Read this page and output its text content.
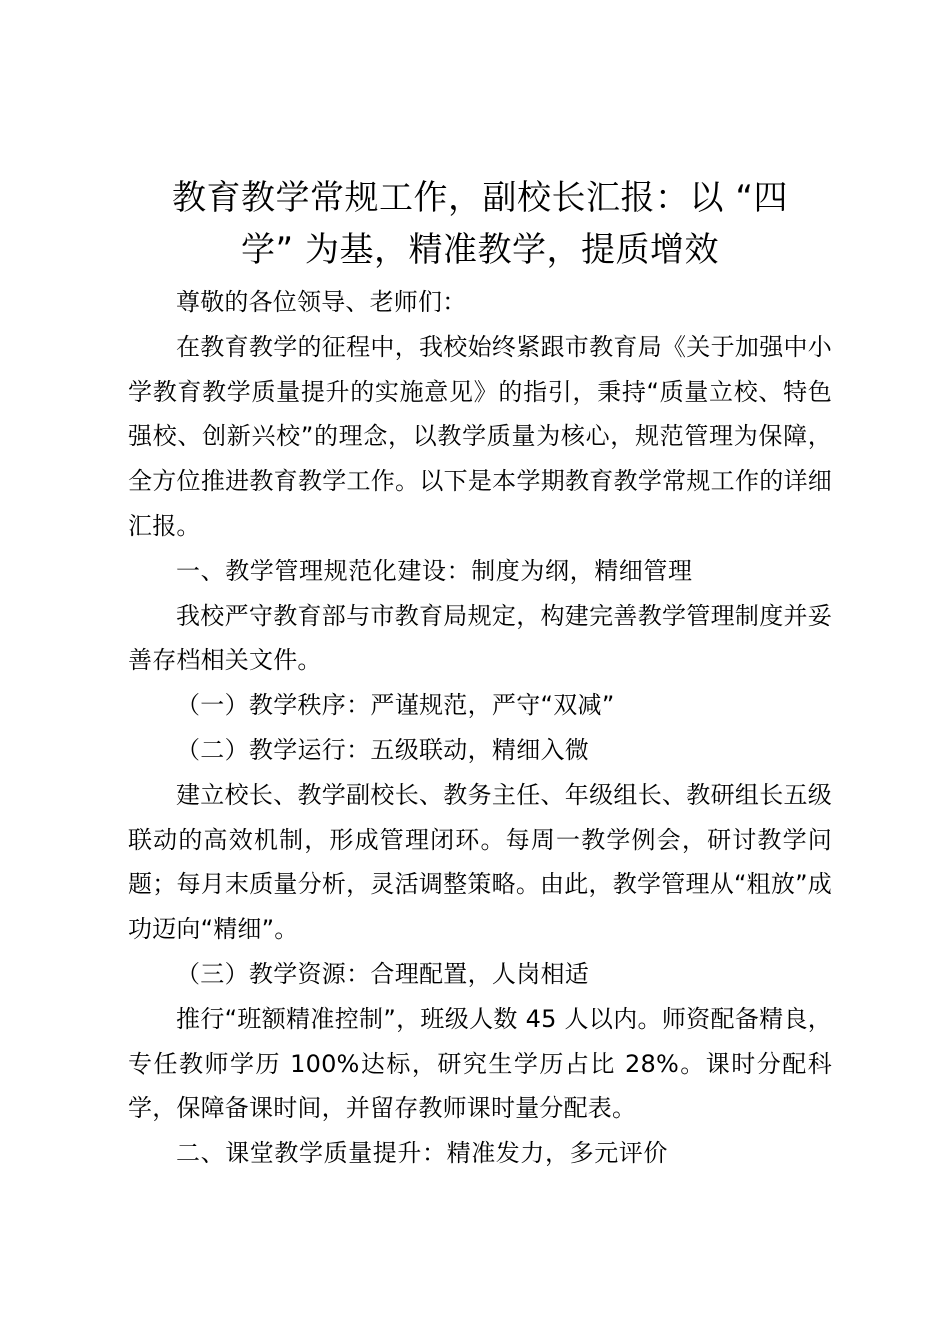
教育教学常规工作，副校长汇报：以 “四学” 为基，精准教学，提质增效

尊敬的各位领导、老师们：

在教育教学的征程中，我校始终紧跟市教育局《关于加强中小学教育教学质量提升的实施意见》的指引，秉持“质量立校、特色强校、创新兴校”的理念，以教学质量为核心，规范管理为保障，全方位推进教育教学工作。以下是本学期教育教学常规工作的详细汇报。

一、教学管理规范化建设：制度为纲，精细管理

我校严守教育部与市教育局规定，构建完善教学管理制度并妥善存档相关文件。

（一）教学秩序：严谨规范，严守“双减”

（二）教学运行：五级联动，精细入微

建立校长、教学副校长、教务主任、年级组长、教研组长五级联动的高效机制，形成管理闭环。每周一教学例会，研讨教学问题；每月末质量分析，灵活调整策略。由此，教学管理从“粗放”成功迈向“精细”。

（三）教学资源：合理配置，人岗相适

推行“班额精准控制”，班级人数 45 人以内。师资配备精良，专任教师学历 100%达标，研究生学历占比 28%。课时分配科学，保障备课时间，并留存教师课时量分配表。

二、课堂教学质量提升：精准发力，多元评价
